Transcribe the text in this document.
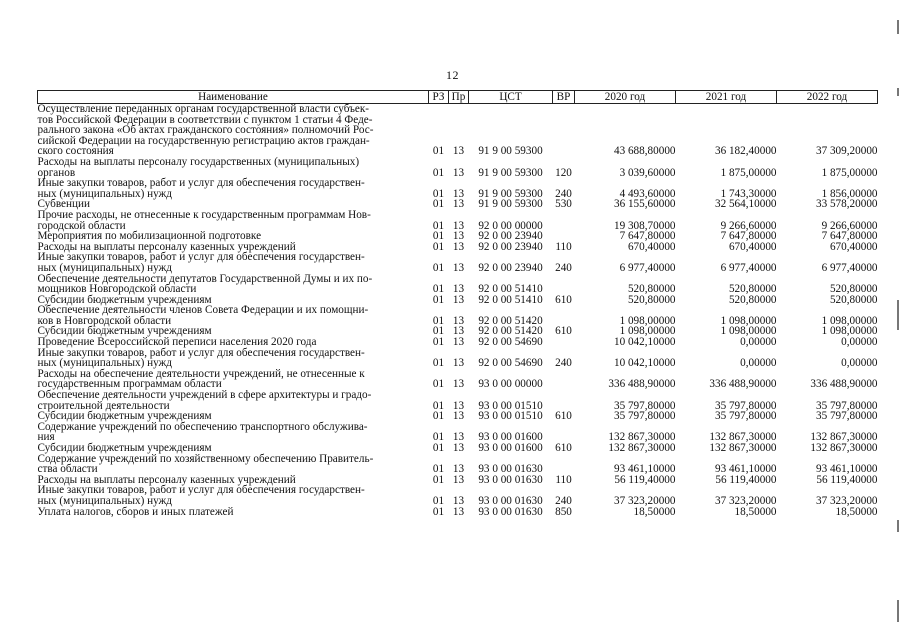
12
Наименование	РЗ	Пр	ЦСТ	ВР	2020 год	2021 год	2022 год

Осуществление переданных органам государственной власти субъек-
тов Российской Федерации в соответствии с пунктом 1 статьи 4 Феде-
рального закона «Об актах гражданского состояния» полномочий Рос-
сийской Федерации на государственную регистрацию актов граждан-
ского состояния	01	13	91 9 00 59300		43 688,80000	36 182,40000	37 309,20000

Расходы на выплаты персоналу государственных (муниципальных)
органов	01	13	91 9 00 59300	120	3 039,60000	1 875,00000	1 875,00000

Иные закупки товаров, работ и услуг для обеспечения государствен-
ных (муниципальных) нужд	01	13	91 9 00 59300	240	4 493,60000	1 743,30000	1 856,00000

Субвенции	01	13	91 9 00 59300	530	36 155,60000	32 564,10000	33 578,20000

Прочие расходы, не отнесенные к государственным программам Нов-
городской области	01	13	92 0 00 00000		19 308,70000	9 266,60000	9 266,60000

Мероприятия по мобилизационной подготовке	01	13	92 0 00 23940		7 647,80000	7 647,80000	7 647,80000

Расходы на выплаты персоналу казенных учреждений	01	13	92 0 00 23940	110	670,40000	670,40000	670,40000

Иные закупки товаров, работ и услуг для обеспечения государствен-
ных (муниципальных) нужд	01	13	92 0 00 23940	240	6 977,40000	6 977,40000	6 977,40000

Обеспечение деятельности депутатов Государственной Думы и их по-
мощников Новгородской области	01	13	92 0 00 51410		520,80000	520,80000	520,80000

Субсидии бюджетным учреждениям	01	13	92 0 00 51410	610	520,80000	520,80000	520,80000

Обеспечение деятельности членов Совета Федерации и их помощни-
ков в Новгородской области	01	13	92 0 00 51420		1 098,00000	1 098,00000	1 098,00000

Субсидии бюджетным учреждениям	01	13	92 0 00 51420	610	1 098,00000	1 098,00000	1 098,00000

Проведение Всероссийской переписи населения 2020 года	01	13	92 0 00 54690		10 042,10000	0,00000	0,00000

Иные закупки товаров, работ и услуг для обеспечения государствен-
ных (муниципальных) нужд	01	13	92 0 00 54690	240	10 042,10000	0,00000	0,00000

Расходы на обеспечение деятельности учреждений, не отнесенные к
государственным программам области	01	13	93 0 00 00000		336 488,90000	336 488,90000	336 488,90000

Обеспечение деятельности учреждений в сфере архитектуры и градо-
строительной деятельности	01	13	93 0 00 01510		35 797,80000	35 797,80000	35 797,80000

Субсидии бюджетным учреждениям	01	13	93 0 00 01510	610	35 797,80000	35 797,80000	35 797,80000

Содержание учреждений по обеспечению транспортного обслужива-
ния	01	13	93 0 00 01600		132 867,30000	132 867,30000	132 867,30000

Субсидии бюджетным учреждениям	01	13	93 0 00 01600	610	132 867,30000	132 867,30000	132 867,30000

Содержание учреждений по хозяйственному обеспечению Правитель-
ства области	01	13	93 0 00 01630		93 461,10000	93 461,10000	93 461,10000

Расходы на выплаты персоналу казенных учреждений	01	13	93 0 00 01630	110	56 119,40000	56 119,40000	56 119,40000

Иные закупки товаров, работ и услуг для обеспечения государствен-
ных (муниципальных) нужд	01	13	93 0 00 01630	240	37 323,20000	37 323,20000	37 323,20000

Уплата налогов, сборов и иных платежей	01	13	93 0 00 01630	850	18,50000	18,50000	18,50000
